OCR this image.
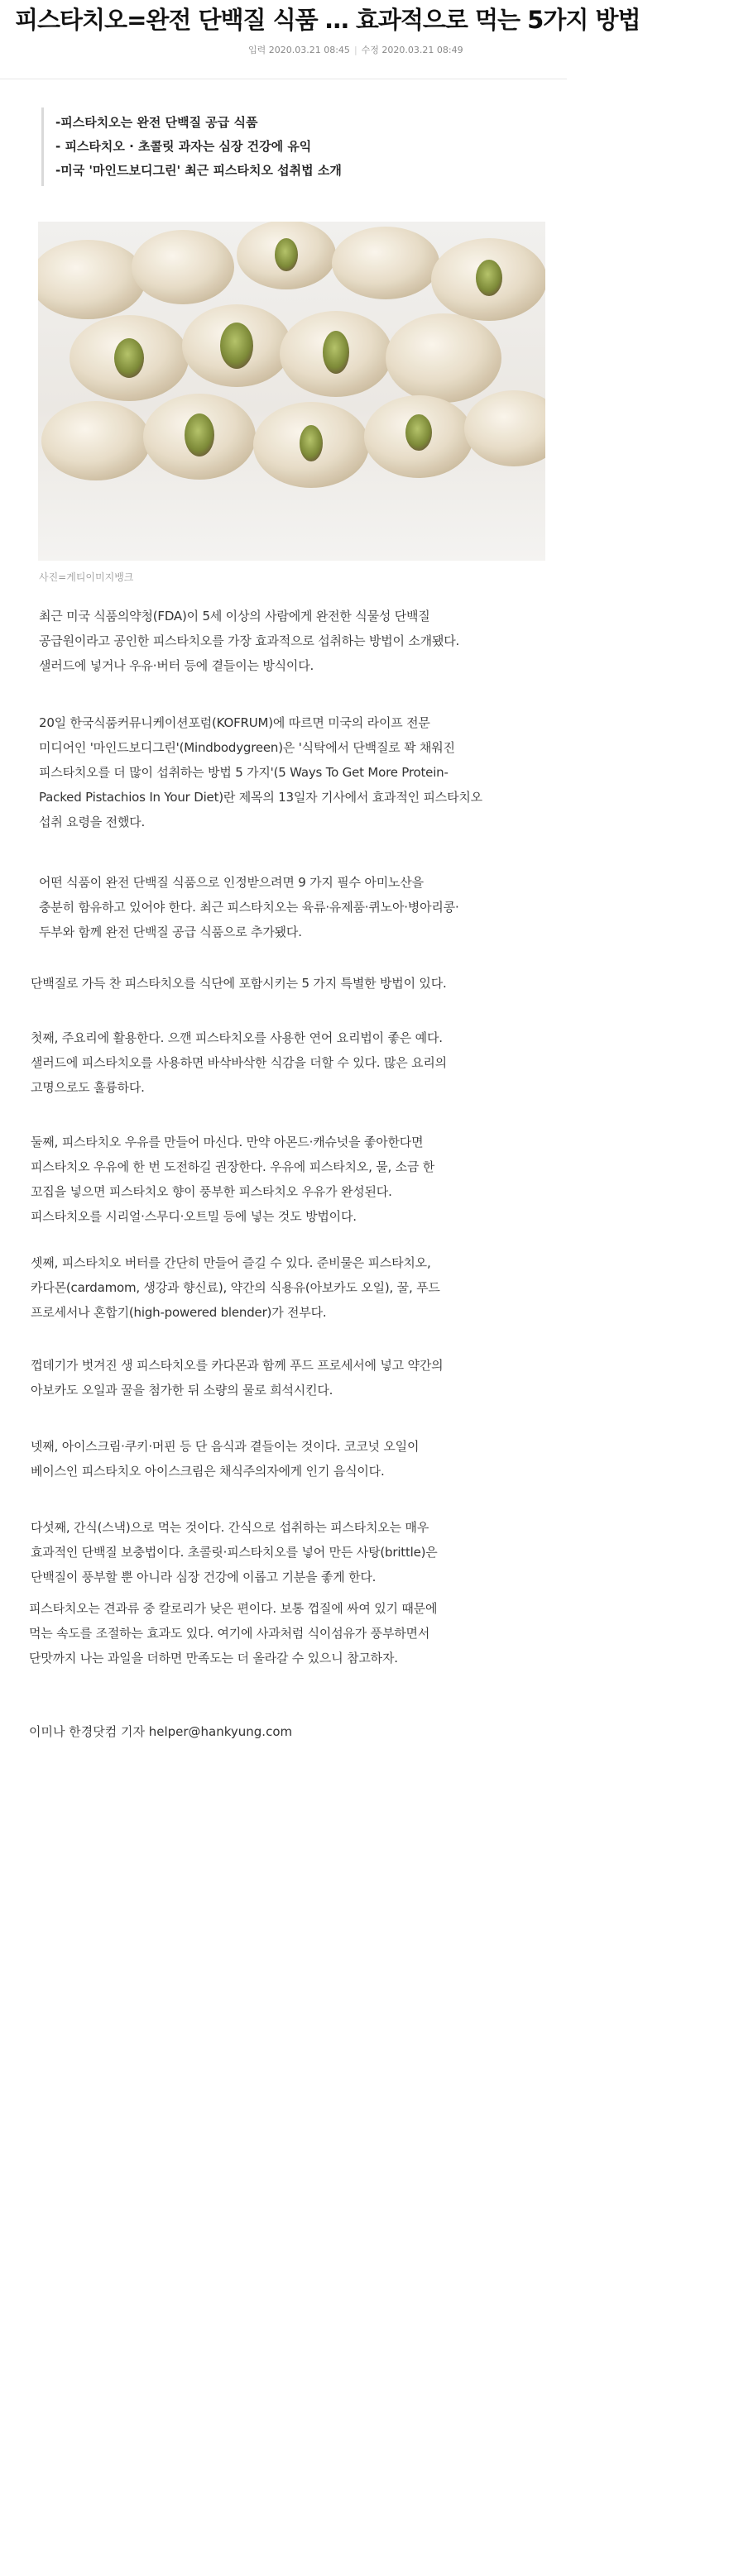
피스타치오=완전 단백질 식품 … 효과적으로 먹는 5가지 방법
입력 2020.03.21 08:45 | 수정 2020.03.21 08:49
-피스타치오는 완전 단백질 공급 식품
- 피스타치오 · 초콜릿 과자는 심장 건강에 유익
-미국 '마인드보디그린' 최근 피스타치오 섭취법 소개
사진=게티이미지뱅크
최근 미국 식품의약청(FDA)이 5세 이상의 사람에게 완전한 식물성 단백질
공급원이라고 공인한 피스타치오를 가장 효과적으로 섭취하는 방법이 소개됐다.
샐러드에 넣거나 우유·버터 등에 곁들이는 방식이다.
20일 한국식품커뮤니케이션포럼(KOFRUM)에 따르면 미국의 라이프 전문
미디어인 '마인드보디그린'(Mindbodygreen)은 '식탁에서 단백질로 꽉 채워진
피스타치오를 더 많이 섭취하는 방법 5 가지'(5 Ways To Get More Protein-
Packed Pistachios In Your Diet)란 제목의 13일자 기사에서 효과적인 피스타치오
섭취 요령을 전했다.
어떤 식품이 완전 단백질 식품으로 인정받으려면 9 가지 필수 아미노산을
충분히 함유하고 있어야 한다. 최근 피스타치오는 육류·유제품·퀴노아·병아리콩·
두부와 함께 완전 단백질 공급 식품으로 추가됐다.
단백질로 가득 찬 피스타치오를 식단에 포함시키는 5 가지 특별한 방법이 있다.
첫째, 주요리에 활용한다. 으깬 피스타치오를 사용한 연어 요리법이 좋은 예다.
샐러드에 피스타치오를 사용하면 바삭바삭한 식감을 더할 수 있다. 많은 요리의
고명으로도 훌륭하다.
둘째, 피스타치오 우유를 만들어 마신다. 만약 아몬드·캐슈넛을 좋아한다면
피스타치오 우유에 한 번 도전하길 권장한다. 우유에 피스타치오, 물, 소금 한
꼬집을 넣으면 피스타치오 향이 풍부한 피스타치오 우유가 완성된다.
피스타치오를 시리얼·스무디·오트밀 등에 넣는 것도 방법이다.
셋째, 피스타치오 버터를 간단히 만들어 즐길 수 있다. 준비물은 피스타치오,
카다몬(cardamom, 생강과 향신료), 약간의 식용유(아보카도 오일), 꿀, 푸드
프로세서나 혼합기(high-powered blender)가 전부다.
껍데기가 벗겨진 생 피스타치오를 카다몬과 함께 푸드 프로세서에 넣고 약간의
아보카도 오일과 꿀을 첨가한 뒤 소량의 물로 희석시킨다.
넷째, 아이스크림·쿠키·머핀 등 단 음식과 곁들이는 것이다. 코코넛 오일이
베이스인 피스타치오 아이스크림은 채식주의자에게 인기 음식이다.
다섯째, 간식(스낵)으로 먹는 것이다. 간식으로 섭취하는 피스타치오는 매우
효과적인 단백질 보충법이다. 초콜릿·피스타치오를 넣어 만든 사탕(brittle)은
단백질이 풍부할 뿐 아니라 심장 건강에 이롭고 기분을 좋게 한다.
피스타치오는 견과류 중 칼로리가 낮은 편이다. 보통 껍질에 싸여 있기 때문에
먹는 속도를 조절하는 효과도 있다. 여기에 사과처럼 식이섬유가 풍부하면서
단맛까지 나는 과일을 더하면 만족도는 더 올라갈 수 있으니 참고하자.
이미나 한경닷컴 기자 helper@hankyung.com
